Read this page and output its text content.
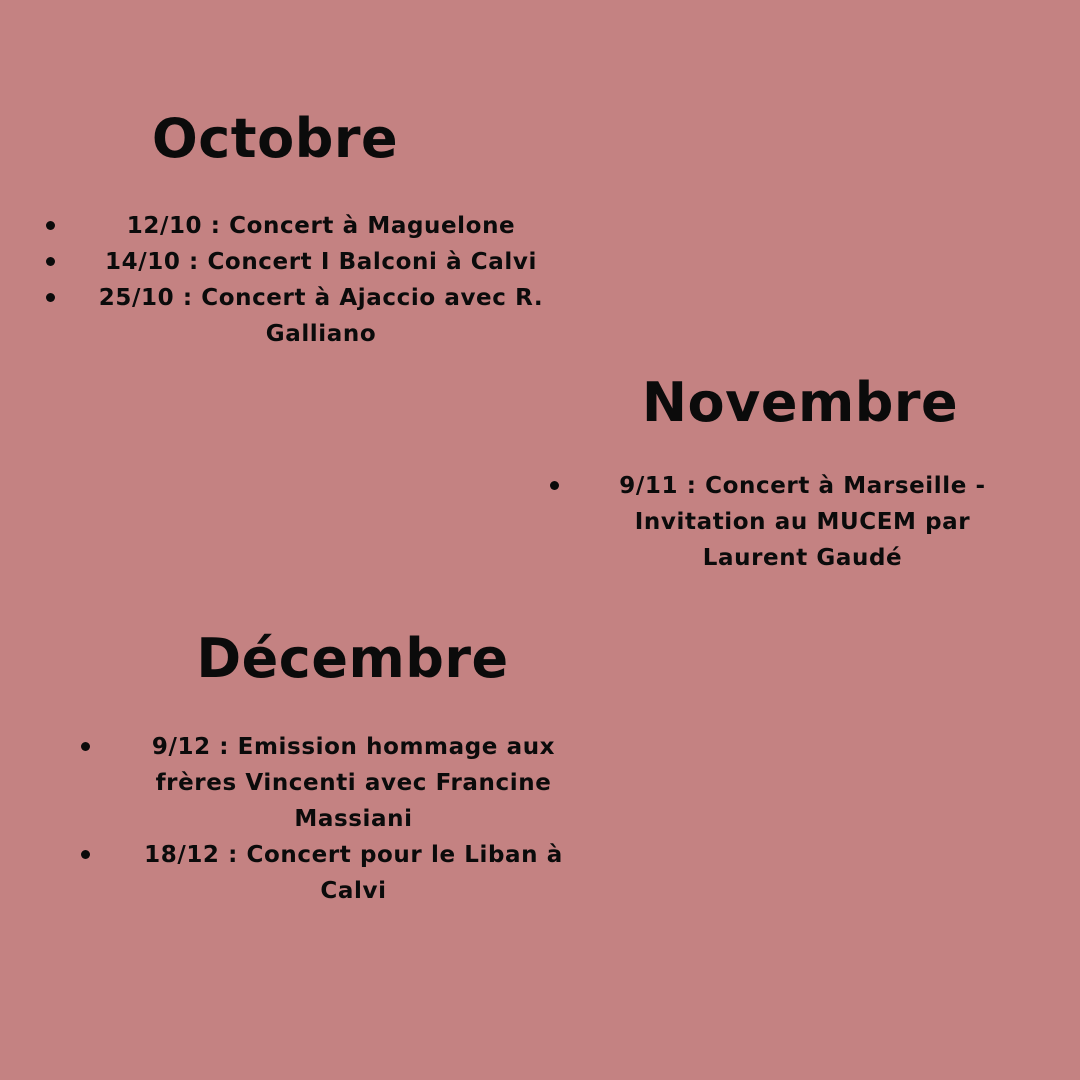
Octobre
12/10 : Concert à Maguelone
14/10 : Concert I Balconi à Calvi
25/10 : Concert à Ajaccio avec R. Galliano
Novembre
9/11 : Concert à Marseille - Invitation au MUCEM par Laurent Gaudé
Décembre
9/12 : Emission hommage aux frères Vincenti avec Francine Massiani
18/12 : Concert pour le Liban à Calvi
